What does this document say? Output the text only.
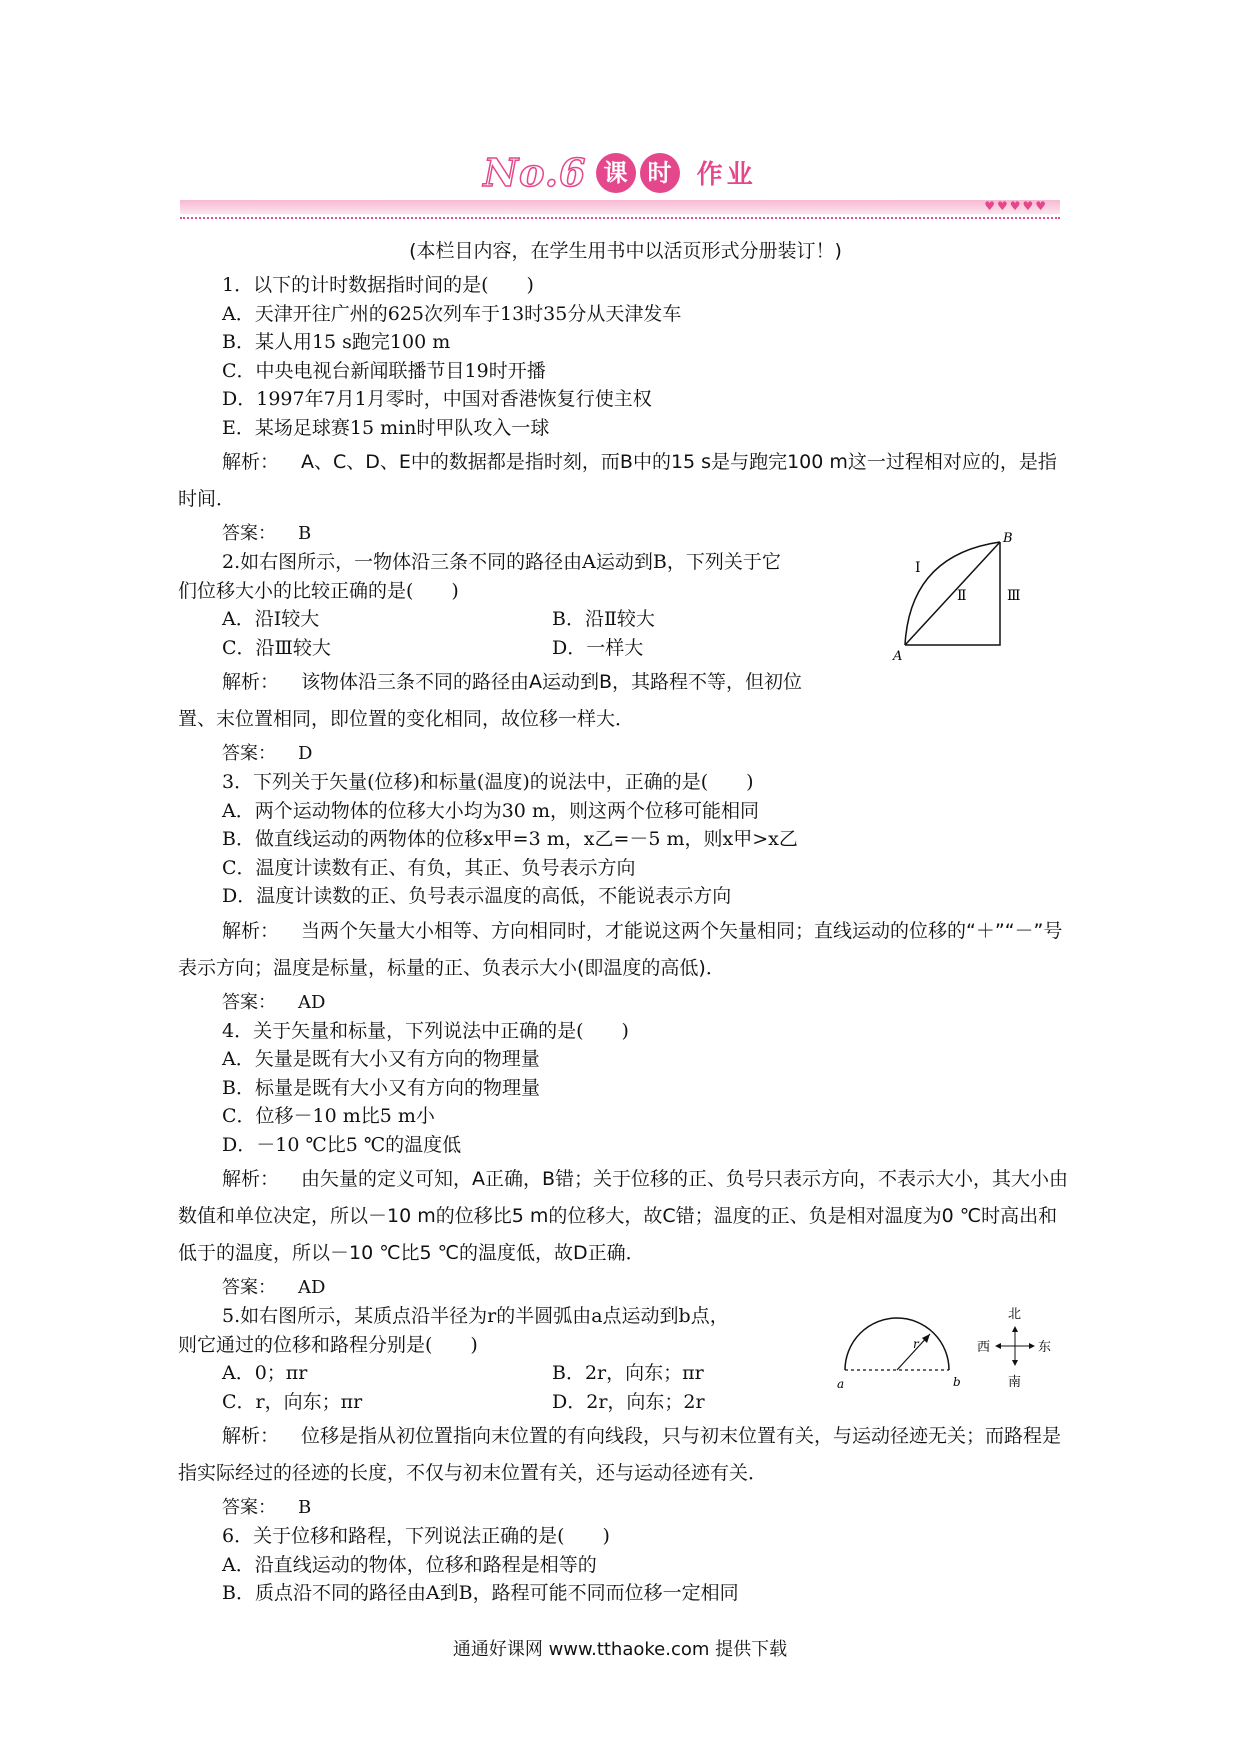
No.6 课 时 作业
♥♥♥♥♥
(本栏目内容，在学生用书中以活页形式分册装订！)
1．以下的计时数据指时间的是(　　)
A．天津开往广州的625次列车于13时35分从天津发车
B．某人用15 s跑完100 m
C．中央电视台新闻联播节目19时开播
D．1997年7月1月零时，中国对香港恢复行使主权
E．某场足球赛15 min时甲队攻入一球
解析： A、C、D、E中的数据都是指时刻，而B中的15 s是与跑完100 m这一过程相对应的，是指时间．
答案： B

2.如右图所示，一物体沿三条不同的路径由A运动到B，下列关于它

们位移大小的比较正确的是(　　)
A．沿Ⅰ较大	B．沿Ⅱ较大
C．沿Ⅲ较大	D．一样大
解析： 该物体沿三条不同的路径由A运动到B，其路程不等，但初位置、末位置相同，即位置的变化相同，故位移一样大．
答案： D
3．下列关于矢量(位移)和标量(温度)的说法中，正确的是(　　)
A．两个运动物体的位移大小均为30 m，则这两个位移可能相同
B．做直线运动的两物体的位移x甲=3 m，x乙=－5 m，则x甲>x乙
C．温度计读数有正、有负，其正、负号表示方向
D．温度计读数的正、负号表示温度的高低，不能说表示方向
解析： 当两个矢量大小相等、方向相同时，才能说这两个矢量相同；直线运动的位移的“＋”“－”号表示方向；温度是标量，标量的正、负表示大小(即温度的高低)．
答案： AD
4．关于矢量和标量，下列说法中正确的是(　　)
A．矢量是既有大小又有方向的物理量
B．标量是既有大小又有方向的物理量
C．位移－10 m比5 m小
D．－10 ℃比5 ℃的温度低
解析： 由矢量的定义可知，A正确，B错；关于位移的正、负号只表示方向，不表示大小，其大小由数值和单位决定，所以－10 m的位移比5 m的位移大，故C错；温度的正、负是相对温度为0 ℃时高出和低于的温度，所以－10 ℃比5 ℃的温度低，故D正确．
答案： AD

5.如右图所示，某质点沿半径为r的半圆弧由a点运动到b点，

则它通过的位移和路程分别是(　　)
A．0；πr	B．2r，向东；πr
C．r，向东；πr	D．2r，向东；2r
解析： 位移是指从初位置指向末位置的有向线段，只与初末位置有关，与运动径迹无关；而路程是指实际经过的径迹的长度，不仅与初末位置有关，还与运动径迹有关．
答案： B
6．关于位移和路程，下列说法正确的是(　　)
A．沿直线运动的物体，位移和路程是相等的
B．质点沿不同的路径由A到B，路程可能不同而位移一定相同
A
B
Ⅰ
Ⅱ	Ⅲ
r
a	b
北
南
西	东
通通好课网 www.tthaoke.com 提供下载
